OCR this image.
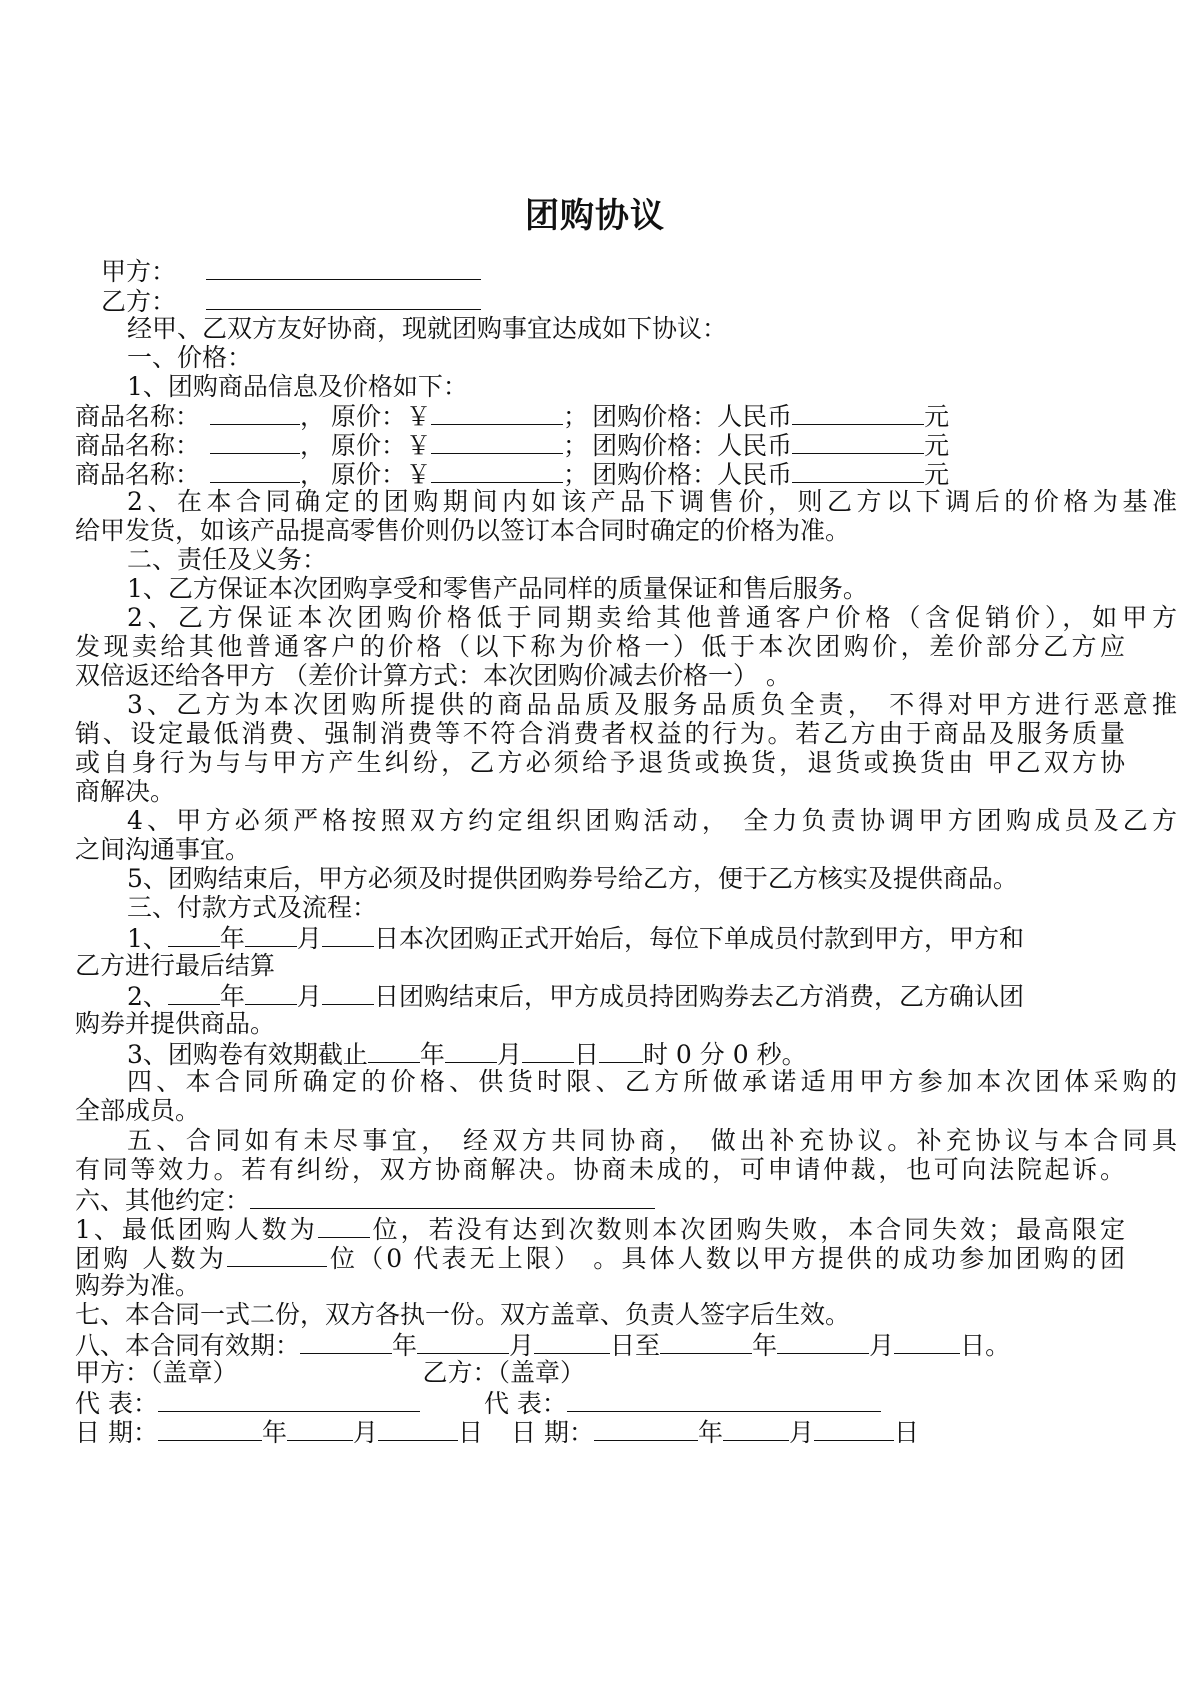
团购协议
甲方：
乙方：
经甲、乙双方友好协商，现就团购事宜达成如下协议：
一、价格：
1、团购商品信息及价格如下：
商品名称：	， 原价：￥	； 团购价格：人民币	元
商品名称：	， 原价：￥	； 团购价格：人民币	元
商品名称：	， 原价：￥	； 团购价格：人民币	元
2、在本合同确定的团购期间内如该产品下调售价，则乙方以下调后的价格为基准
给甲发货，如该产品提高零售价则仍以签订本合同时确定的价格为准。
二、责任及义务：
1、乙方保证本次团购享受和零售产品同样的质量保证和售后服务。
2、乙方保证本次团购价格低于同期卖给其他普通客户价格（含促销价），如甲方
发现卖给其他普通客户的价格（以下称为价格一）低于本次团购价，差价部分乙方应
双倍返还给各甲方 （差价计算方式：本次团购价减去价格一） 。
3、乙方为本次团购所提供的商品品质及服务品质负全责， 不得对甲方进行恶意推
销、设定最低消费、强制消费等不符合消费者权益的行为。若乙方由于商品及服务质量
或自身行为与与甲方产生纠纷，乙方必须给予退货或换货，退货或换货由 甲乙双方协
商解决。
4、甲方必须严格按照双方约定组织团购活动， 全力负责协调甲方团购成员及乙方
之间沟通事宜。
5、团购结束后，甲方必须及时提供团购券号给乙方，便于乙方核实及提供商品。
三、付款方式及流程：
1、 年 月 日本次团购正式开始后，每位下单成员付款到甲方，甲方和
乙方进行最后结算
2、 年 月 日团购结束后，甲方成员持团购券去乙方消费，乙方确认团
购券并提供商品。
3、团购卷有效期截止 年 月 日 时 0 分 0 秒。
四、本合同所确定的价格、供货时限、乙方所做承诺适用甲方参加本次团体采购的
全部成员。
五、合同如有未尽事宜， 经双方共同协商， 做出补充协议。补充协议与本合同具
有同等效力。若有纠纷，双方协商解决。协商未成的，可申请仲裁，也可向法院起诉。
六、其他约定：
1、最低团购人数为 位，若没有达到次数则本次团购失败，本合同失效；最高限定
团购 人数为	位（0 代表无上限） 。具体人数以甲方提供的成功参加团购的团
购券为准。
七、本合同一式二份，双方各执一份。双方盖章、负责人签字后生效。
八、本合同有效期：	年	月	日至	年	月	日。
甲方：（盖章）	乙方：（盖章）
代 表：	代 表：
日 期：	年	月	日 日 期：	年	月	日
